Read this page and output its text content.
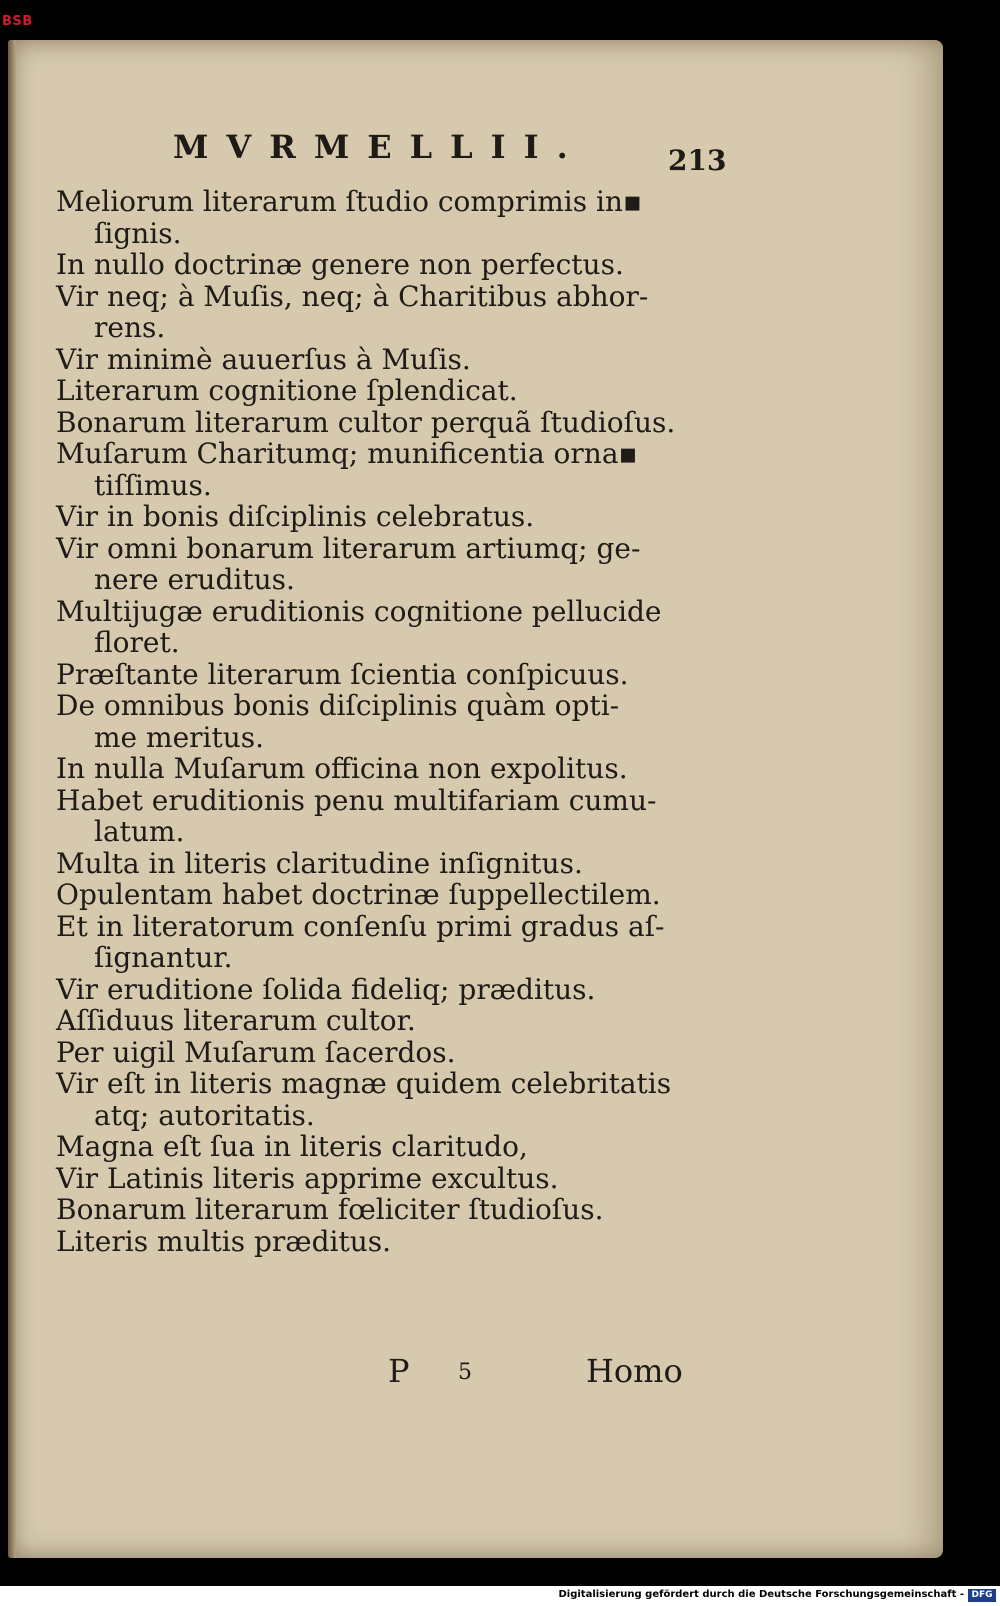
BSB
MVRMELLII.	213
Meliorum literarum ſtudio comprimis in▪
ſignis.
In nullo doctrinæ genere non perfectus.
Vir neq; à Muſis, neq; à Charitibus abhor-
rens.
Vir minimè auuerſus à Muſis.
Literarum cognitione ſplendicat.
Bonarum literarum cultor perquã ſtudioſus.
Muſarum Charitumq; munificentia orna▪
tiſſimus.
Vir in bonis diſciplinis celebratus.
Vir omni bonarum literarum artiumq; ge-
nere eruditus.
Multijugæ eruditionis cognitione pellucide
floret.
Præſtante literarum ſcientia conſpicuus.
De omnibus bonis diſciplinis quàm opti-
me meritus.
In nulla Muſarum officina non expolitus.
Habet eruditionis penu multifariam cumu-
latum.
Multa in literis claritudine inſignitus.
Opulentam habet doctrinæ ſuppellectilem.
Et in literatorum conſenſu primi gradus aſ-
ſignantur.
Vir eruditione ſolida fideliq; præditus.
Aſſiduus literarum cultor.
Per uigil Muſarum ſacerdos.
Vir eſt in literis magnæ quidem celebritatis
atq; autoritatis.
Magna eſt ſua in literis claritudo,
Vir Latinis literis apprime excultus.
Bonarum literarum fœliciter ſtudioſus.
Literis multis præditus.
P 5	Homo
Digitalisierung gefördert durch die Deutsche Forschungsgemeinschaft - DFG
